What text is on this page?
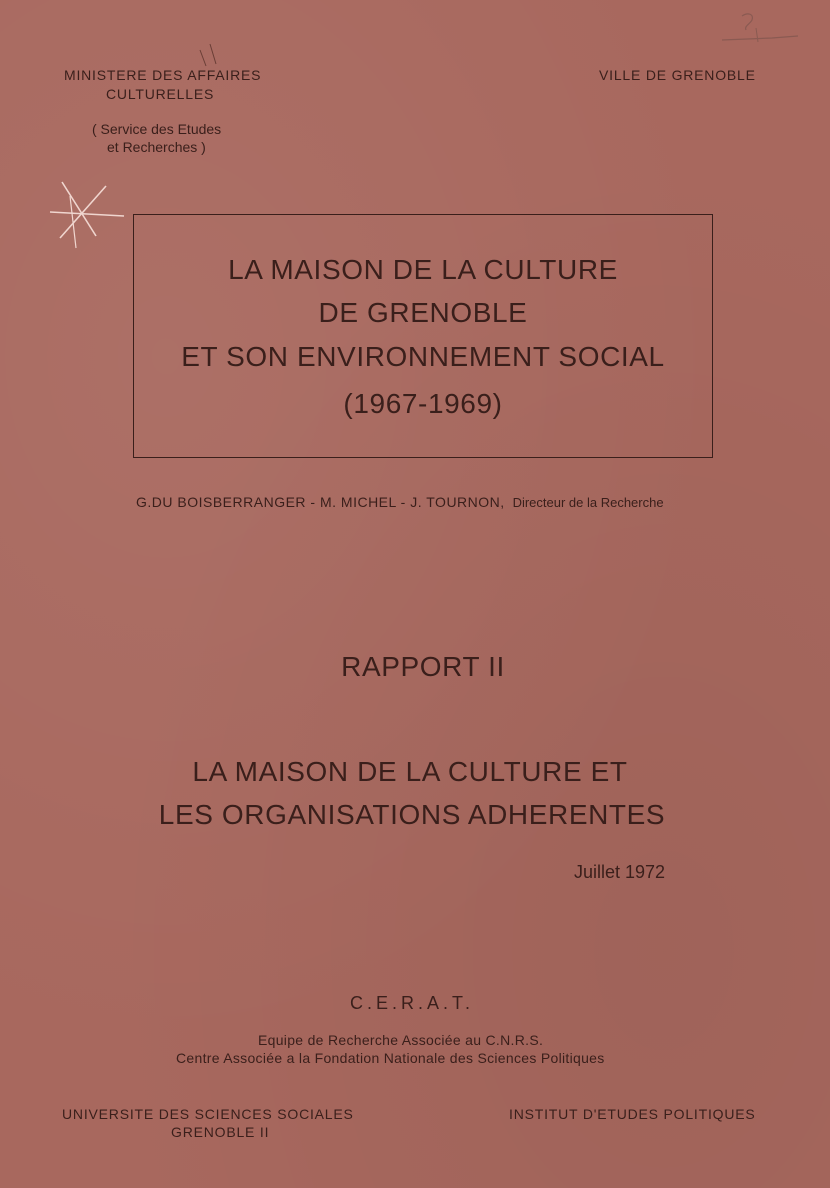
MINISTERE DES AFFAIRES
CULTURELLES
( Service des Etudes
et Recherches )
VILLE DE GRENOBLE
LA MAISON DE LA CULTURE
DE GRENOBLE
ET SON ENVIRONNEMENT SOCIAL
(1967-1969)
G.DU BOISBERRANGER - M. MICHEL - J. TOURNON, Directeur de la Recherche
RAPPORT II
LA MAISON DE LA CULTURE ET
LES ORGANISATIONS ADHERENTES
Juillet 1972
C.E.R.A.T.
Equipe de Recherche Associée au C.N.R.S.
Centre Associée a la Fondation Nationale des Sciences Politiques
UNIVERSITE DES SCIENCES SOCIALES
GRENOBLE II
INSTITUT D'ETUDES POLITIQUES
